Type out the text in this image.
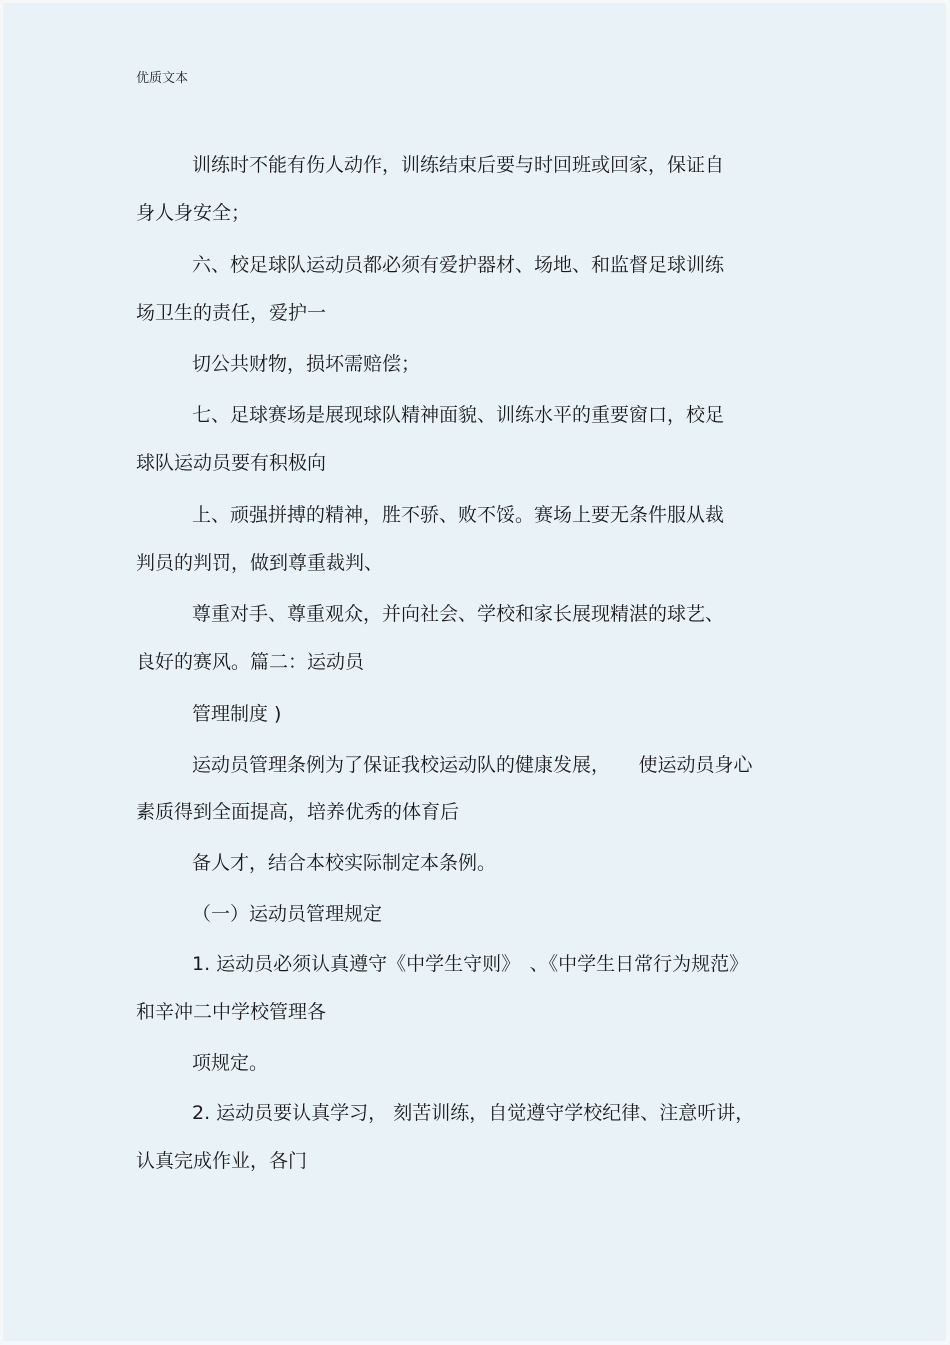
优质文本
训练时不能有伤人动作，训练结束后要与时回班或回家，保证自
身人身安全；
六、校足球队运动员都必须有爱护器材、场地、和监督足球训练
场卫生的责任，爱护一
切公共财物，损坏需赔偿；
七、足球赛场是展现球队精神面貌、训练水平的重要窗口，校足
球队运动员要有积极向
上、顽强拼搏的精神，胜不骄、败不馁。赛场上要无条件服从裁
判员的判罚，做到尊重裁判、
尊重对手、尊重观众，并向社会、学校和家长展现精湛的球艺、
良好的赛风。篇二：运动员
管理制度 )
运动员管理条例为了保证我校运动队的健康发展，　　使运动员身心
素质得到全面提高，培养优秀的体育后
备人才，结合本校实际制定本条例。
（一）运动员管理规定
1. 运动员必须认真遵守《中学生守则》　、《中学生日常行为规范》
和辛冲二中学校管理各
项规定。
2. 运动员要认真学习， 刻苦训练，自觉遵守学校纪律、注意听讲，
认真完成作业，各门
